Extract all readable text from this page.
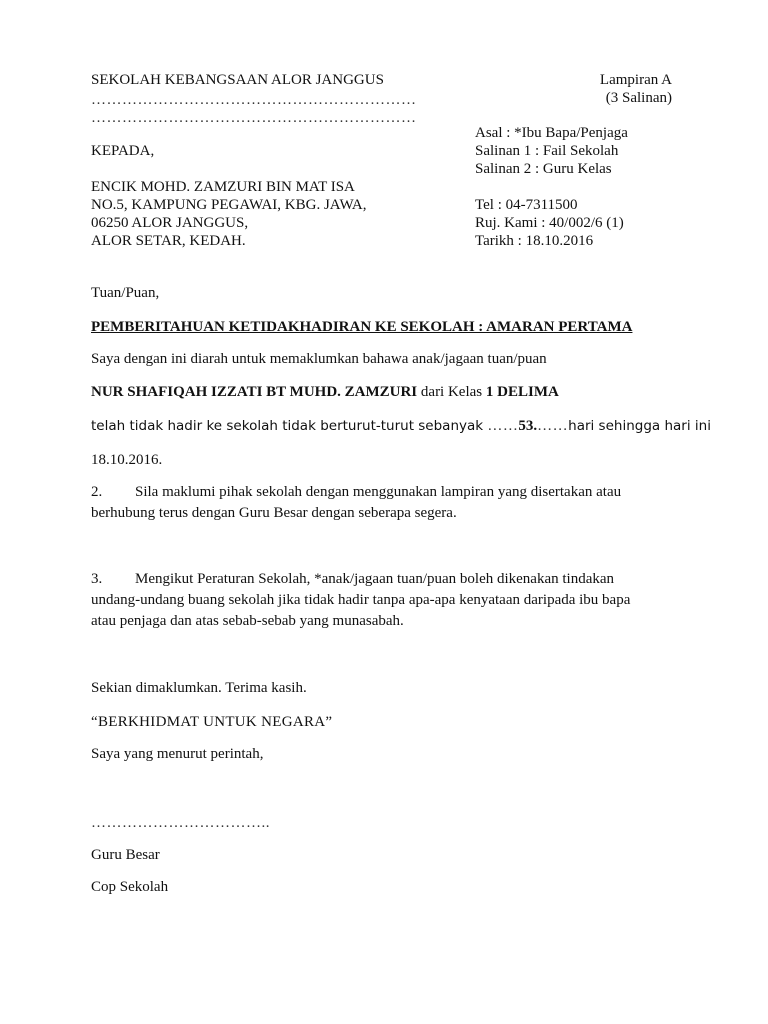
SEKOLAH KEBANGSAAN ALOR JANGGUS
………………………………………………………
………………………………………………………
Lampiran A
(3 Salinan)
Asal : *Ibu Bapa/Penjaga
Salinan 1 : Fail Sekolah
Salinan 2 : Guru Kelas
KEPADA,
ENCIK MOHD. ZAMZURI BIN MAT ISA
NO.5, KAMPUNG PEGAWAI, KBG. JAWA,
06250 ALOR JANGGUS,
ALOR SETAR, KEDAH.
Tel : 04-7311500
Ruj. Kami : 40/002/6 (1)
Tarikh : 18.10.2016
Tuan/Puan,
PEMBERITAHUAN KETIDAKHADIRAN KE SEKOLAH : AMARAN PERTAMA
Saya dengan ini diarah untuk memaklumkan bahawa anak/jagaan tuan/puan
NUR SHAFIQAH IZZATI BT MUHD. ZAMZURI dari Kelas 1 DELIMA
telah tidak hadir ke sekolah tidak berturut-turut sebanyak ……53.……hari sehingga hari ini
18.10.2016.
2. Sila maklumi pihak sekolah dengan menggunakan lampiran yang disertakan atau berhubung terus dengan Guru Besar dengan seberapa segera.
3. Mengikut Peraturan Sekolah, *anak/jagaan tuan/puan boleh dikenakan tindakan undang-undang buang sekolah jika tidak hadir tanpa apa-apa kenyataan daripada ibu bapa atau penjaga dan atas sebab-sebab yang munasabah.
Sekian dimaklumkan. Terima kasih.
“BERKHIDMAT UNTUK NEGARA”
Saya yang menurut perintah,
……………………………..
Guru Besar
Cop Sekolah
